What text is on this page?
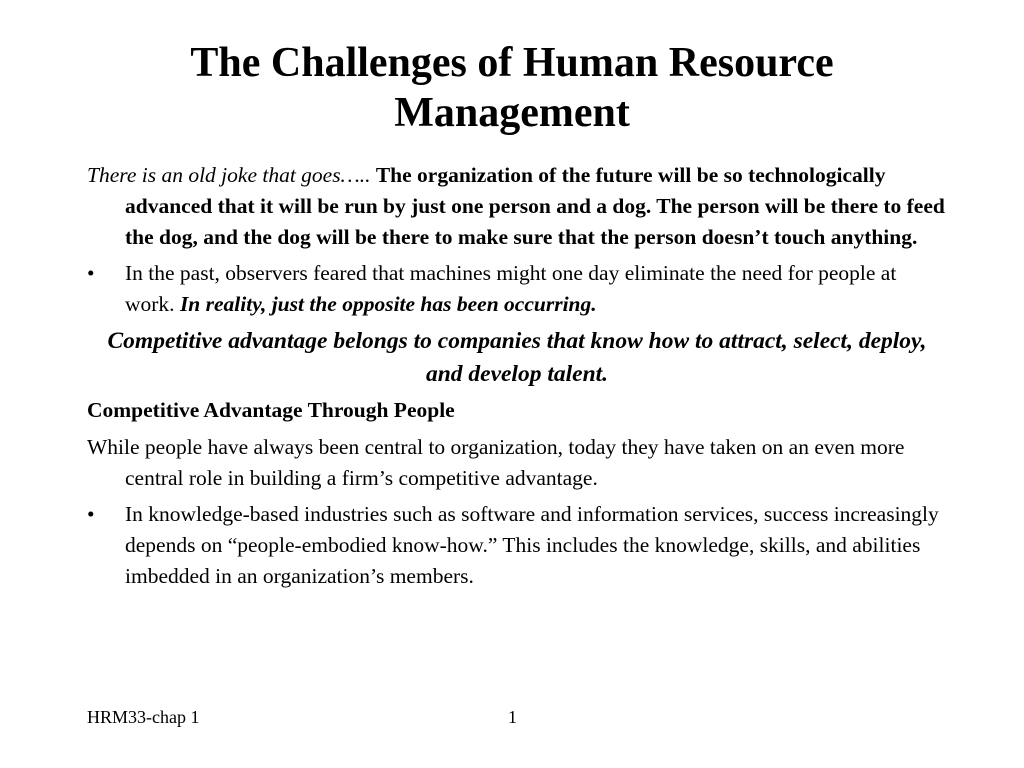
The Challenges of Human Resource Management

There is an old joke that goes….. The organization of the future will be so technologically advanced that it will be run by just one person and a dog. The person will be there to feed the dog, and the dog will be there to make sure that the person doesn’t touch anything.

• In the past, observers feared that machines might one day eliminate the need for people at work. In reality, just the opposite has been occurring.
Competitive advantage belongs to companies that know how to attract, select, deploy, and develop talent.
Competitive Advantage Through People

While people have always been central to organization, today they have taken on an even more central role in building a firm’s competitive advantage.

• In knowledge-based industries such as software and information services, success increasingly depends on “people-embodied know-how.” This includes the knowledge, skills, and abilities imbedded in an organization’s members.
HRM33-chap 1	1
